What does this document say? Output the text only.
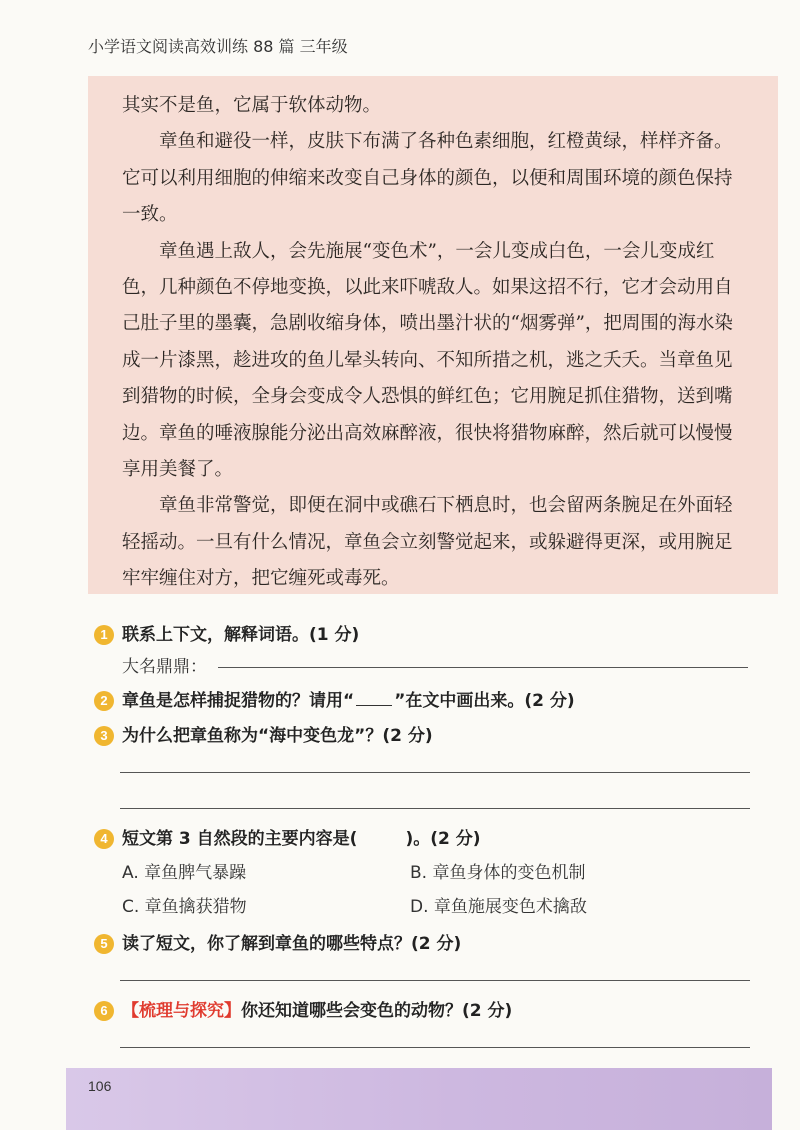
小学语文阅读高效训练 88 篇 三年级

其实不是鱼，它属于软体动物。

章鱼和避役一样，皮肤下布满了各种色素细胞，红橙黄绿，样样齐备。它可以利用细胞的伸缩来改变自己身体的颜色，以便和周围环境的颜色保持一致。

章鱼遇上敌人，会先施展“变色术”，一会儿变成白色，一会儿变成红色，几种颜色不停地变换，以此来吓唬敌人。如果这招不行，它才会动用自己肚子里的墨囊，急剧收缩身体，喷出墨汁状的“烟雾弹”，把周围的海水染成一片漆黑，趁进攻的鱼儿晕头转向、不知所措之机，逃之夭夭。当章鱼见到猎物的时候，全身会变成令人恐惧的鲜红色；它用腕足抓住猎物，送到嘴边。章鱼的唾液腺能分泌出高效麻醉液，很快将猎物麻醉，然后就可以慢慢享用美餐了。

章鱼非常警觉，即便在洞中或礁石下栖息时，也会留两条腕足在外面轻轻摇动。一旦有什么情况，章鱼会立刻警觉起来，或躲避得更深，或用腕足牢牢缠住对方，把它缠死或毒死。

1 联系上下文，解释词语。(1 分)
大名鼎鼎：
2 章鱼是怎样捕捉猎物的？请用“ ”在文中画出来。(2 分)
3 为什么把章鱼称为“海中变色龙”？(2 分)
4 短文第 3 自然段的主要内容是(	)。(2 分)
A. 章鱼脾气暴躁	B. 章鱼身体的变色机制
C. 章鱼擒获猎物	D. 章鱼施展变色术擒敌
5 读了短文，你了解到章鱼的哪些特点？(2 分)
6 【梳理与探究】你还知道哪些会变色的动物？(2 分)
106
